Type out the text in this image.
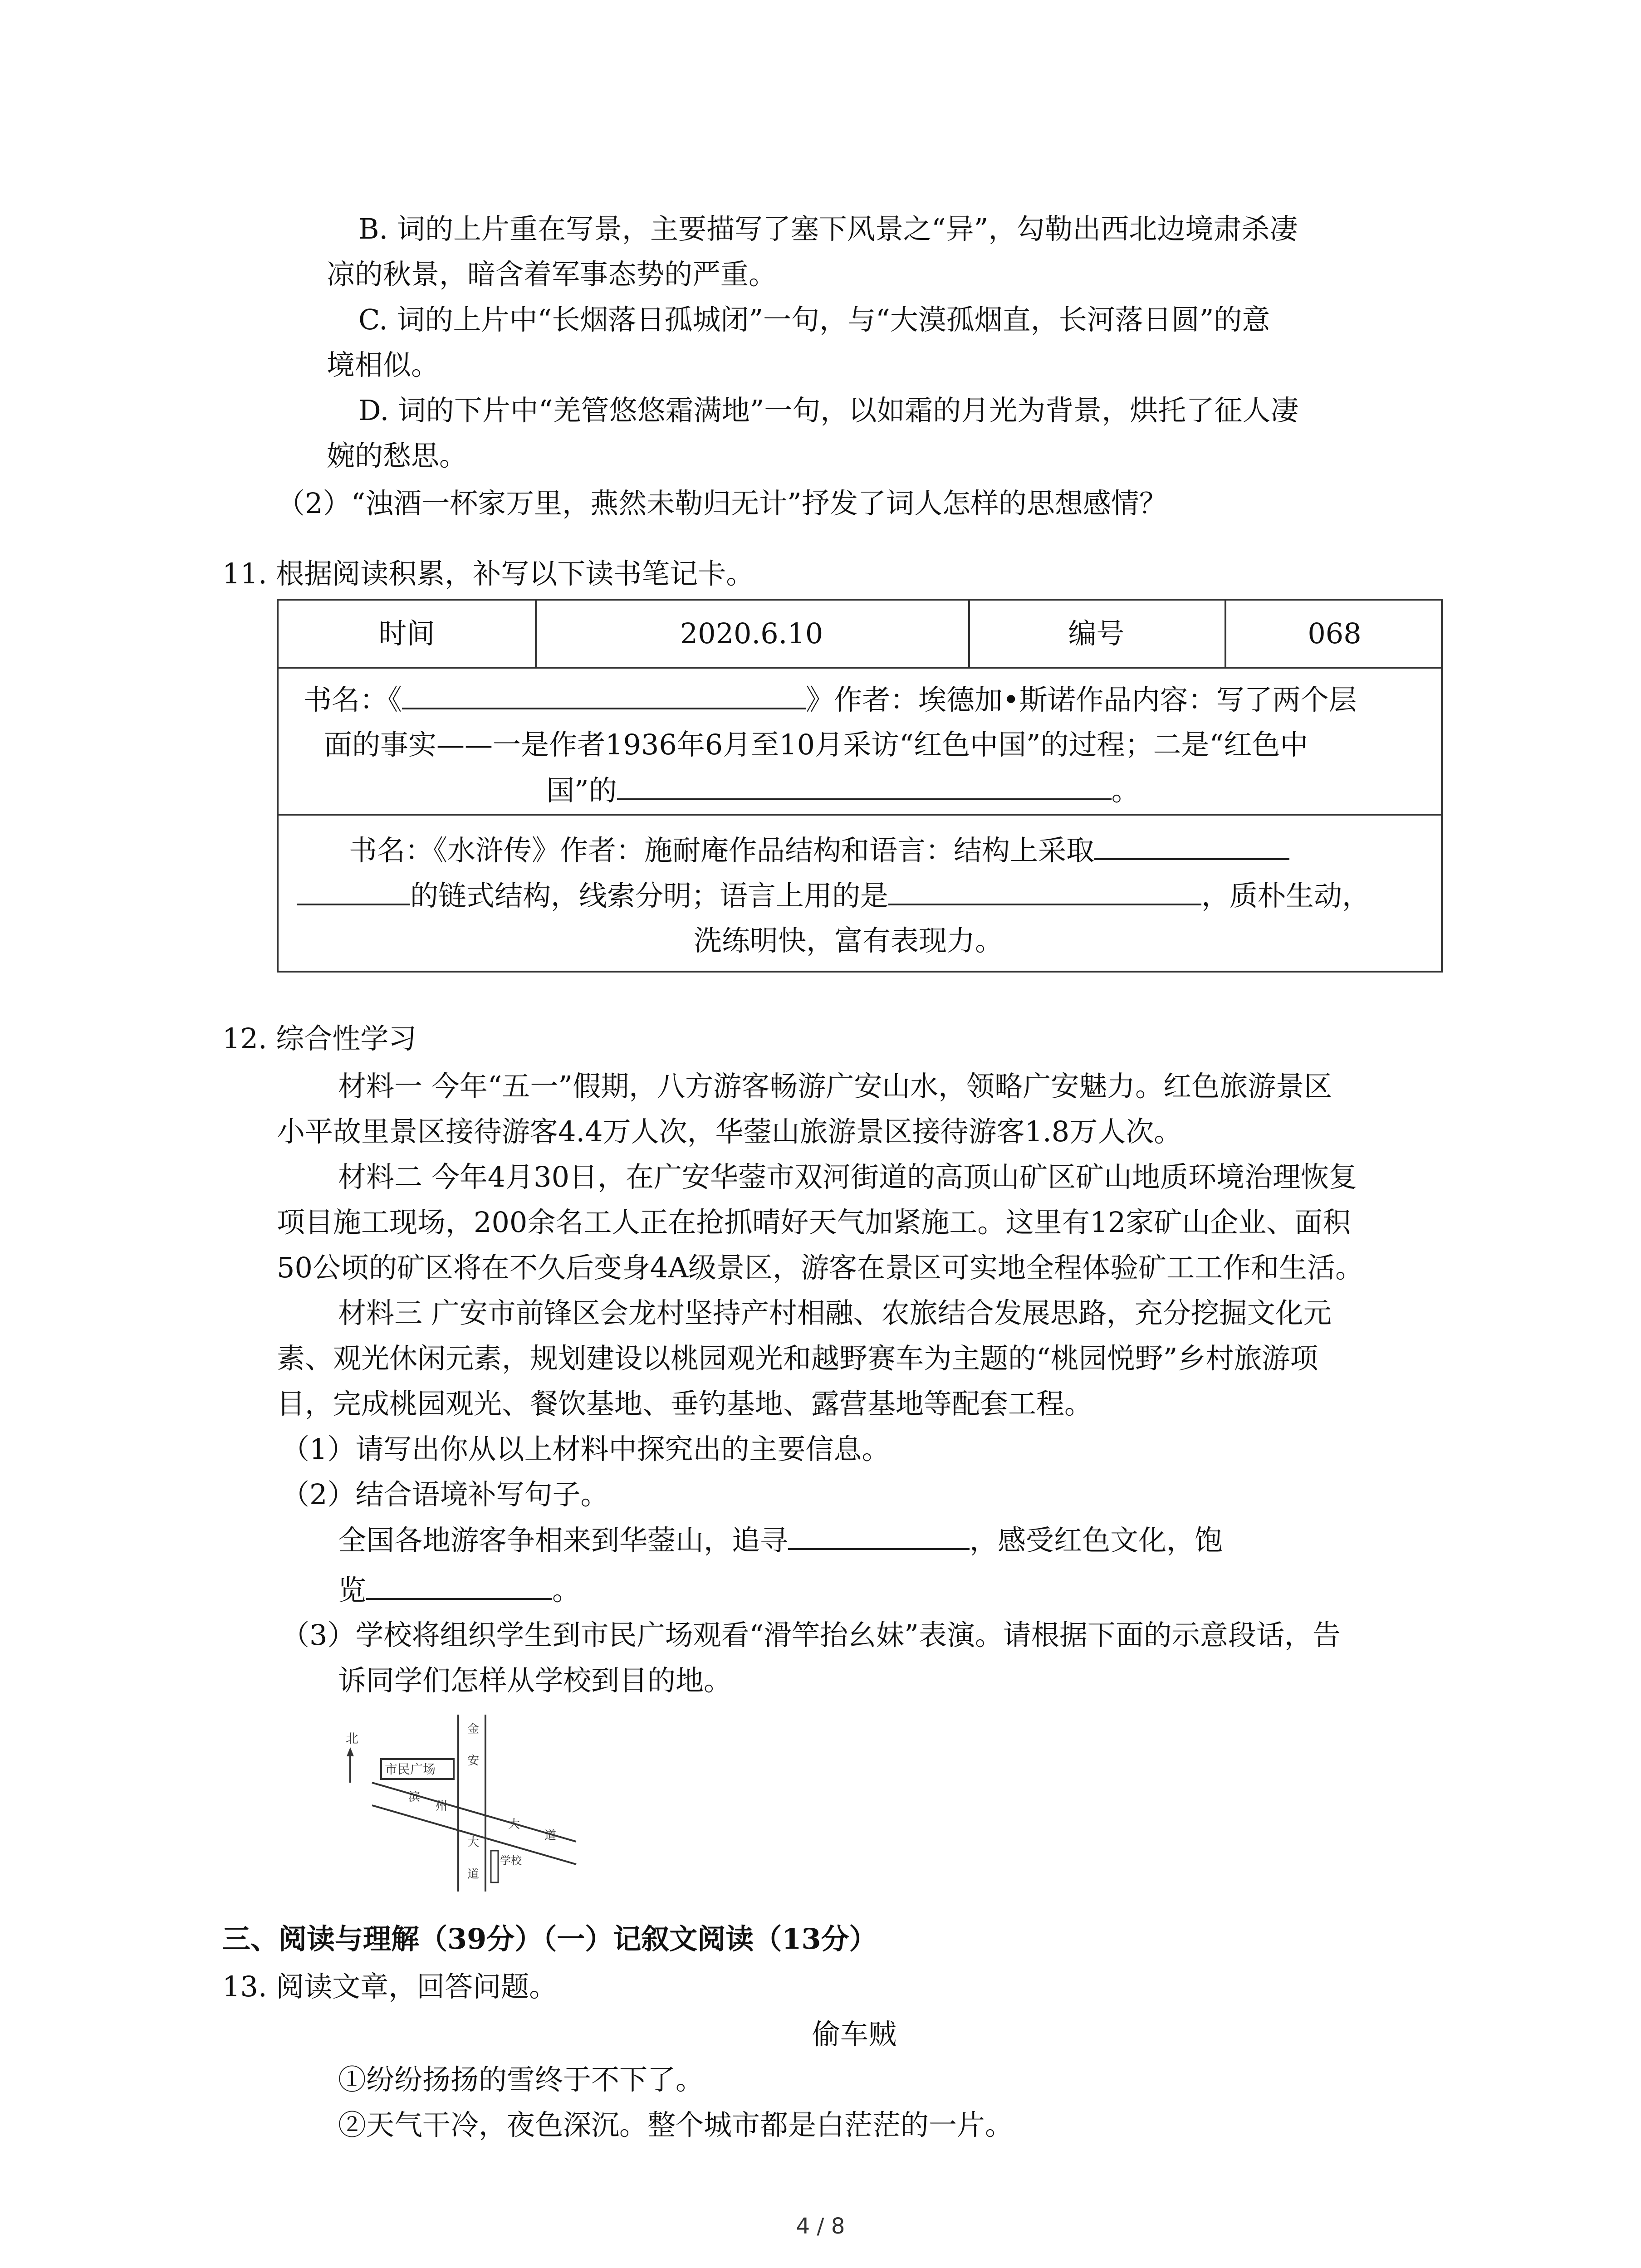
B. 词的上片重在写景，主要描写了塞下风景之“异”，勾勒出西北边境肃杀凄
凉的秋景，暗含着军事态势的严重。
C. 词的上片中“长烟落日孤城闭”一句，与“大漠孤烟直，长河落日圆”的意
境相似。
D. 词的下片中“羌管悠悠霜满地”一句，以如霜的月光为背景，烘托了征人凄
婉的愁思。
（2）“浊酒一杯家万里，燕然未勒归无计”抒发了词人怎样的思想感情？
11. 根据阅读积累，补写以下读书笔记卡。
时间	2020.6.10	编号	068
书名：《	》作者：埃德加•斯诺作品内容：写了两个层
面的事实——一是作者1936年6月至10月采访“红色中国”的过程；二是“红色中
国”的	。
书名：《水浒传》作者：施耐庵作品结构和语言：结构上采取
的链式结构，线索分明；语言上用的是	，质朴生动，
洗练明快，富有表现力。
12. 综合性学习
材料一 今年“五一”假期，八方游客畅游广安山水，领略广安魅力。红色旅游景区
小平故里景区接待游客4.4万人次，华蓥山旅游景区接待游客1.8万人次。
材料二 今年4月30日，在广安华蓥市双河街道的高顶山矿区矿山地质环境治理恢复
项目施工现场，200余名工人正在抢抓晴好天气加紧施工。这里有12家矿山企业、面积
50公顷的矿区将在不久后变身4A级景区，游客在景区可实地全程体验矿工工作和生活。
材料三 广安市前锋区会龙村坚持产村相融、农旅结合发展思路，充分挖掘文化元
素、观光休闲元素，规划建设以桃园观光和越野赛车为主题的“桃园悦野”乡村旅游项
目，完成桃园观光、餐饮基地、垂钓基地、露营基地等配套工程。
（1）请写出你从以上材料中探究出的主要信息。
（2）结合语境补写句子。
全国各地游客争相来到华蓥山，追寻	，感受红色文化，饱
览	。
（3）学校将组织学生到市民广场观看“滑竿抬幺妹”表演。请根据下面的示意段话，告
诉同学们怎样从学校到目的地。
北
市民广场
学校
金
安
大
道
滨
州
大
道
三、阅读与理解（39分）（一）记叙文阅读（13分）
13. 阅读文章，回答问题。
偷车贼
①纷纷扬扬的雪终于不下了。
②天气干冷，夜色深沉。整个城市都是白茫茫的一片。
4 / 8
